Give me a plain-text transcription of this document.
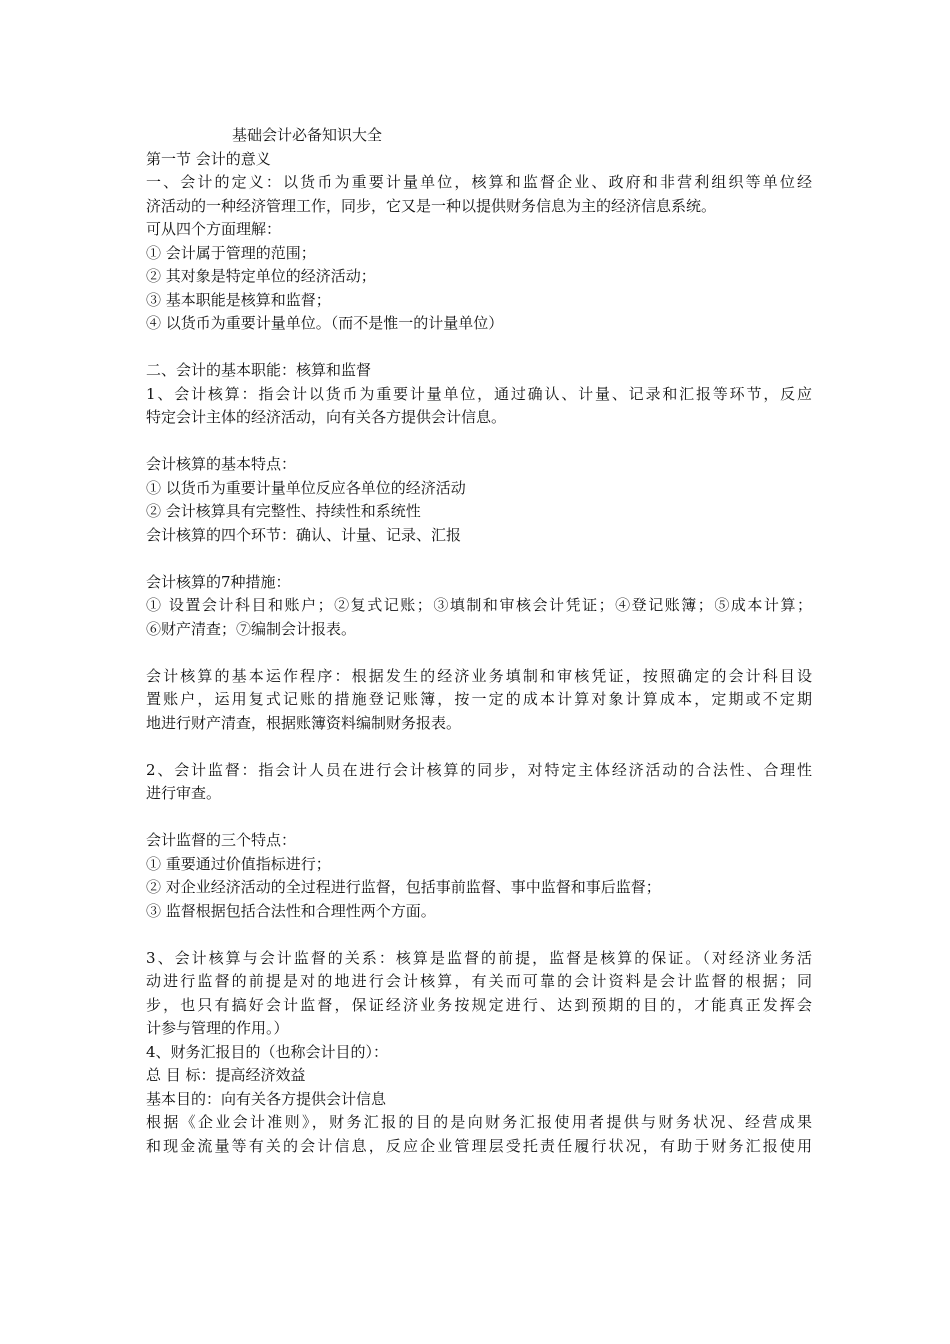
基础会计必备知识大全
第一节 会计的意义
一、会计的定义：以货币为重要计量单位，核算和监督企业、政府和非营利组织等单位经
济活动的一种经济管理工作，同步，它又是一种以提供财务信息为主的经济信息系统。
可从四个方面理解：
① 会计属于管理的范围；
② 其对象是特定单位的经济活动；
③ 基本职能是核算和监督；
④ 以货币为重要计量单位。（而不是惟一的计量单位）
二、会计的基本职能：核算和监督
1、会计核算：指会计以货币为重要计量单位，通过确认、计量、记录和汇报等环节，反应
特定会计主体的经济活动，向有关各方提供会计信息。
会计核算的基本特点：
① 以货币为重要计量单位反应各单位的经济活动
② 会计核算具有完整性、持续性和系统性
会计核算的四个环节：确认、计量、记录、汇报
会计核算的7种措施：
① 设置会计科目和账户；②复式记账；③填制和审核会计凭证；④登记账簿；⑤成本计算；
⑥财产清查；⑦编制会计报表。
会计核算的基本运作程序：根据发生的经济业务填制和审核凭证，按照确定的会计科目设
置账户，运用复式记账的措施登记账簿，按一定的成本计算对象计算成本，定期或不定期
地进行财产清查，根据账簿资料编制财务报表。
2、会计监督：指会计人员在进行会计核算的同步，对特定主体经济活动的合法性、合理性
进行审查。
会计监督的三个特点：
① 重要通过价值指标进行；
② 对企业经济活动的全过程进行监督，包括事前监督、事中监督和事后监督；
③ 监督根据包括合法性和合理性两个方面。
3、会计核算与会计监督的关系：核算是监督的前提，监督是核算的保证。（对经济业务活
动进行监督的前提是对的地进行会计核算，有关而可靠的会计资料是会计监督的根据；同
步，也只有搞好会计监督，保证经济业务按规定进行、达到预期的目的，才能真正发挥会
计参与管理的作用。）
4、财务汇报目的（也称会计目的）：
总 目 标：提高经济效益
基本目的：向有关各方提供会计信息
根据《企业会计准则》，财务汇报的目的是向财务汇报使用者提供与财务状况、经营成果
和现金流量等有关的会计信息，反应企业管理层受托责任履行状况，有助于财务汇报使用
